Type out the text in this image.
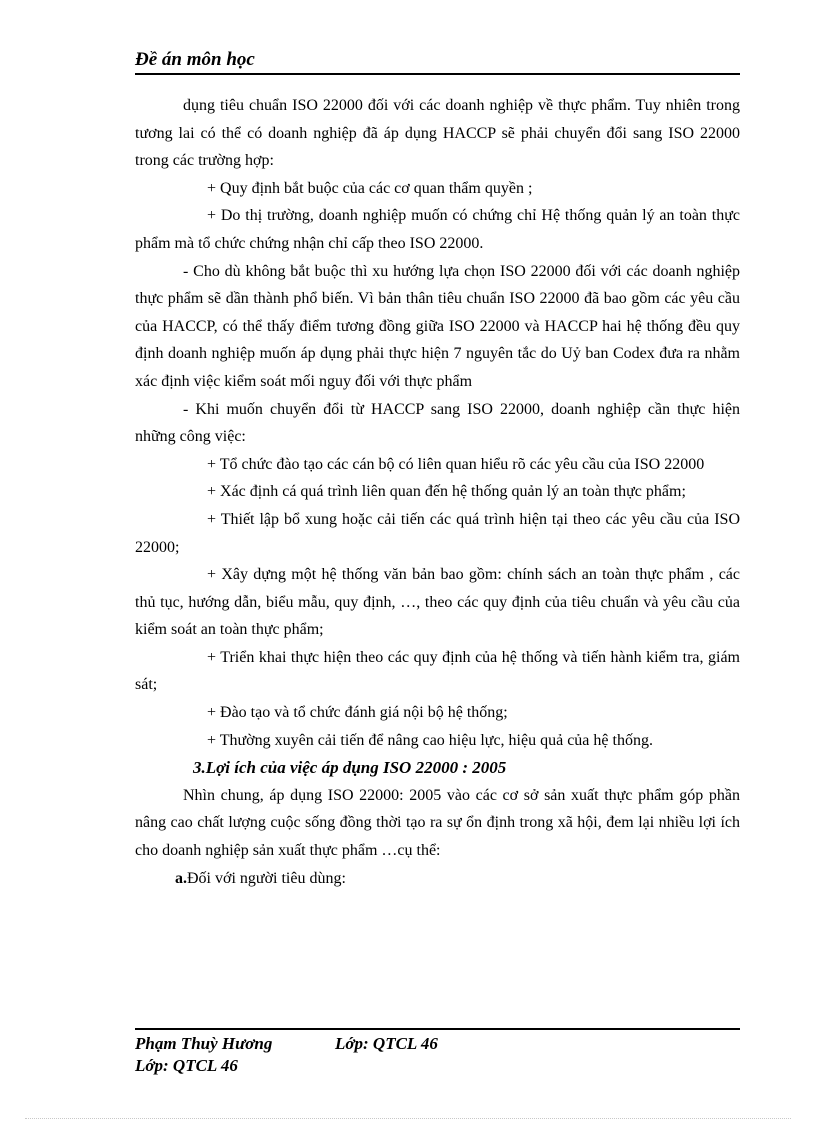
Đề án môn học

dụng tiêu chuẩn ISO 22000 đối với các doanh nghiệp về thực phẩm. Tuy nhiên trong tương lai có thể có doanh nghiệp đã áp dụng HACCP sẽ phải chuyển đổi sang ISO 22000 trong các trường hợp:

+ Quy định bắt buộc của các cơ quan thẩm quyền ;

+ Do thị trường, doanh nghiệp muốn có chứng chỉ Hệ thống quản lý an toàn thực phẩm mà tổ chức chứng nhận chỉ cấp theo ISO 22000.

- Cho dù không bắt buộc thì xu hướng lựa chọn ISO 22000 đối với các doanh nghiệp thực phẩm sẽ dần thành phổ biến. Vì bản thân tiêu chuẩn ISO 22000 đã bao gồm các yêu cầu của HACCP, có thể thấy điểm tương đồng giữa ISO 22000 và HACCP hai hệ thống đều quy định doanh nghiệp muốn áp dụng phải thực hiện 7 nguyên tắc do Uỷ ban Codex đưa ra nhằm xác định việc kiểm soát mối nguy đối với thực phẩm

- Khi muốn chuyển đổi từ HACCP sang ISO 22000, doanh nghiệp cần thực hiện những công việc:

+ Tổ chức đào tạo các cán bộ có liên quan hiểu rõ các yêu cầu của ISO 22000

+ Xác định cá quá trình liên quan đến hệ thống quản lý an toàn thực phẩm;

+ Thiết lập bổ xung hoặc cải tiến các quá trình hiện tại theo các yêu cầu của ISO 22000;

+ Xây dựng một hệ thống văn bản bao gồm: chính sách an toàn thực phẩm , các thủ tục, hướng dẫn, biểu mẫu, quy định, …, theo các quy định của tiêu chuẩn và yêu cầu của kiểm soát an toàn thực phẩm;

+ Triển khai thực hiện theo các quy định của hệ thống và tiến hành kiểm tra, giám sát;

+ Đào tạo và tổ chức đánh giá nội bộ hệ thống;

+ Thường xuyên cải tiến để nâng cao hiệu lực, hiệu quả của hệ thống.

3.Lợi ích của việc áp dụng ISO 22000 : 2005

Nhìn chung, áp dụng ISO 22000: 2005 vào các cơ sở sản xuất thực phẩm góp phần nâng cao chất lượng cuộc sống đồng thời tạo ra sự ổn định trong xã hội, đem lại nhiều lợi ích cho doanh nghiệp sản xuất thực phẩm …cụ thể:

a.Đối với người tiêu dùng:

Phạm Thuỳ Hương	Lớp: QTCL 46
Lớp: QTCL 46
